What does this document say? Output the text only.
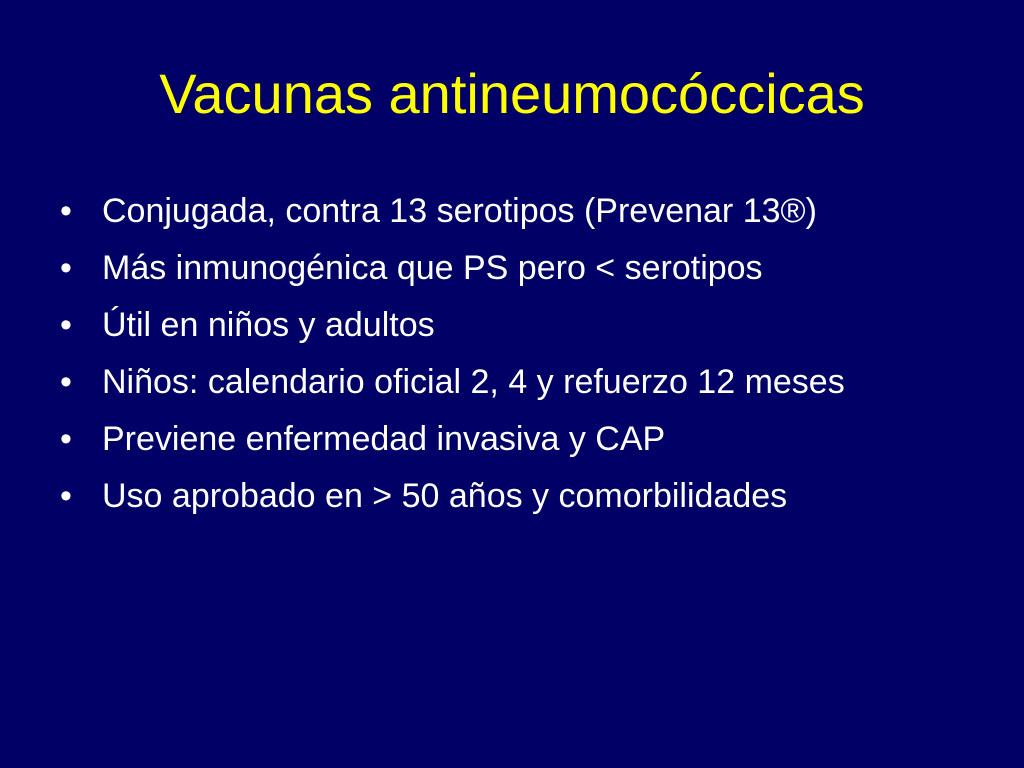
Vacunas antineumocóccicas
• Conjugada, contra 13 serotipos (Prevenar 13®)
• Más inmunogénica que PS pero < serotipos
• Útil en niños y adultos
• Niños: calendario oficial 2, 4 y refuerzo 12 meses
• Previene enfermedad invasiva y CAP
• Uso aprobado en > 50 años y comorbilidades
